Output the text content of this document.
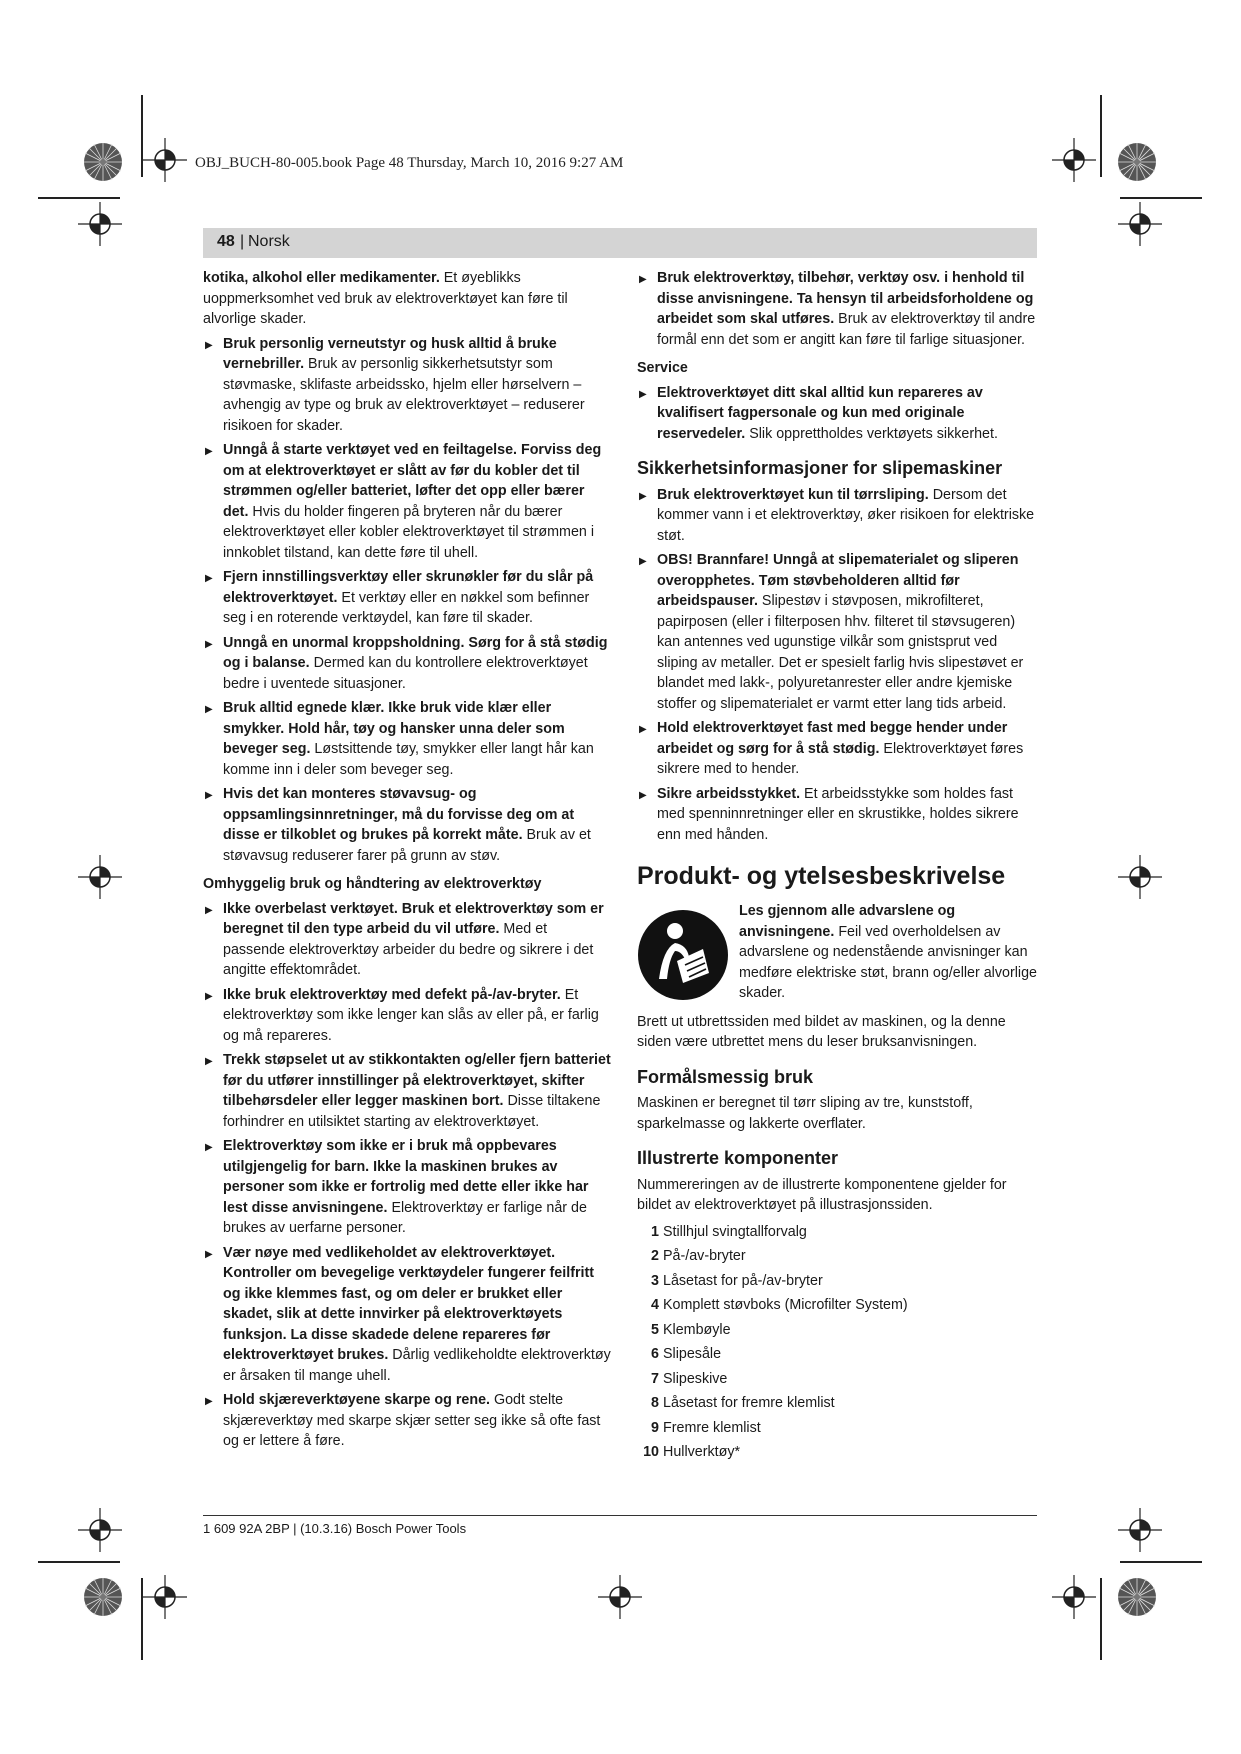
OBJ_BUCH-80-005.book Page 48 Thursday, March 10, 2016 9:27 AM
48 | Norsk
kotika, alkohol eller medikamenter. Et øyeblikks uoppmerksomhet ved bruk av elektroverktøyet kan føre til alvorlige skader.
▶ Bruk personlig verneutstyr og husk alltid å bruke vernebriller. Bruk av personlig sikkerhetsutstyr som støvmaske, sklifaste arbeidssko, hjelm eller hørselvern – avhengig av type og bruk av elektroverktøyet – reduserer risikoen for skader.
▶ Unngå å starte verktøyet ved en feiltagelse. Forviss deg om at elektroverktøyet er slått av før du kobler det til strømmen og/eller batteriet, løfter det opp eller bærer det. Hvis du holder fingeren på bryteren når du bærer elektroverktøyet eller kobler elektroverktøyet til strømmen i innkoblet tilstand, kan dette føre til uhell.
▶ Fjern innstillingsverktøy eller skrunøkler før du slår på elektroverktøyet. Et verktøy eller en nøkkel som befinner seg i en roterende verktøydel, kan føre til skader.
▶ Unngå en unormal kroppsholdning. Sørg for å stå stødig og i balanse. Dermed kan du kontrollere elektroverktøyet bedre i uventede situasjoner.
▶ Bruk alltid egnede klær. Ikke bruk vide klær eller smykker. Hold hår, tøy og hansker unna deler som beveger seg. Løstsittende tøy, smykker eller langt hår kan komme inn i deler som beveger seg.
▶ Hvis det kan monteres støvavsug- og oppsamlingsinnretninger, må du forvisse deg om at disse er tilkoblet og brukes på korrekt måte. Bruk av et støvavsug reduserer farer på grunn av støv.
Omhyggelig bruk og håndtering av elektroverktøy
▶ Ikke overbelast verktøyet. Bruk et elektroverktøy som er beregnet til den type arbeid du vil utføre. Med et passende elektroverktøy arbeider du bedre og sikrere i det angitte effektområdet.
▶ Ikke bruk elektroverktøy med defekt på-/av-bryter. Et elektroverktøy som ikke lenger kan slås av eller på, er farlig og må repareres.
▶ Trekk støpselet ut av stikkontakten og/eller fjern batteriet før du utfører innstillinger på elektroverktøyet, skifter tilbehørsdeler eller legger maskinen bort. Disse tiltakene forhindrer en utilsiktet starting av elektroverktøyet.
▶ Elektroverktøy som ikke er i bruk må oppbevares utilgjengelig for barn. Ikke la maskinen brukes av personer som ikke er fortrolig med dette eller ikke har lest disse anvisningene. Elektroverktøy er farlige når de brukes av uerfarne personer.
▶ Vær nøye med vedlikeholdet av elektroverktøyet. Kontroller om bevegelige verktøydeler fungerer feilfritt og ikke klemmes fast, og om deler er brukket eller skadet, slik at dette innvirker på elektroverktøyets funksjon. La disse skadede delene repareres før elektroverktøyet brukes. Dårlig vedlikeholdte elektroverktøy er årsaken til mange uhell.
▶ Hold skjæreverktøyene skarpe og rene. Godt stelte skjæreverktøy med skarpe skjær setter seg ikke så ofte fast og er lettere å føre.
▶ Bruk elektroverktøy, tilbehør, verktøy osv. i henhold til disse anvisningene. Ta hensyn til arbeidsforholdene og arbeidet som skal utføres. Bruk av elektroverktøy til andre formål enn det som er angitt kan føre til farlige situasjoner.
Service
▶ Elektroverktøyet ditt skal alltid kun repareres av kvalifisert fagpersonale og kun med originale reservedeler. Slik opprettholdes verktøyets sikkerhet.
Sikkerhetsinformasjoner for slipemaskiner
▶ Bruk elektroverktøyet kun til tørrsliping. Dersom det kommer vann i et elektroverktøy, øker risikoen for elektriske støt.
▶ OBS! Brannfare! Unngå at slipematerialet og sliperen overopphetes. Tøm støvbeholderen alltid før arbeidspauser. Slipestøv i støvposen, mikrofilteret, papirposen (eller i filterposen hhv. filteret til støvsugeren) kan antennes ved ugunstige vilkår som gnistsprut ved sliping av metaller. Det er spesielt farlig hvis slipestøvet er blandet med lakk-, polyuretanrester eller andre kjemiske stoffer og slipematerialet er varmt etter lang tids arbeid.
▶ Hold elektroverktøyet fast med begge hender under arbeidet og sørg for å stå stødig. Elektroverktøyet føres sikrere med to hender.
▶ Sikre arbeidsstykket. Et arbeidsstykke som holdes fast med spenninnretninger eller en skrustikke, holdes sikrere enn med hånden.
Produkt- og ytelsesbeskrivelse
Les gjennom alle advarslene og anvisningene. Feil ved overholdelsen av advarslene og nedenstående anvisninger kan medføre elektriske støt, brann og/eller alvorlige skader.
Brett ut utbrettssiden med bildet av maskinen, og la denne siden være utbrettet mens du leser bruksanvisningen.
Formålsmessig bruk
Maskinen er beregnet til tørr sliping av tre, kunststoff, sparkelmasse og lakkerte overflater.
Illustrerte komponenter
Nummereringen av de illustrerte komponentene gjelder for bildet av elektroverktøyet på illustrasjonssiden.
1 Stillhjul svingtallforvalg
2 På-/av-bryter
3 Låsetast for på-/av-bryter
4 Komplett støvboks (Microfilter System)
5 Klembøyle
6 Slipesåle
7 Slipeskive
8 Låsetast for fremre klemlist
9 Fremre klemlist
10 Hullverktøy*
1 609 92A 2BP | (10.3.16) Bosch Power Tools
